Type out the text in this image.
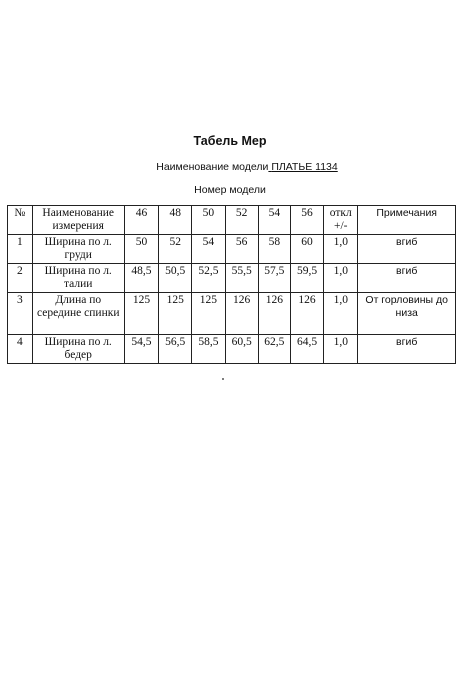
Табель Мер
Наименование модели ПЛАТЬЕ 1134
Номер модели
№	Наименование измерения	46	48	50	52	54	56	откл +/-	Примечания
1	Ширина по л. груди	50	52	54	56	58	60	1,0	вгиб
2	Ширина по л. талии	48,5	50,5	52,5	55,5	57,5	59,5	1,0	вгиб
3	Длина по середине спинки	125	125	125	126	126	126	1,0	От горловины до низа
4	Ширина по л. бедер	54,5	56,5	58,5	60,5	62,5	64,5	1,0	вгиб
